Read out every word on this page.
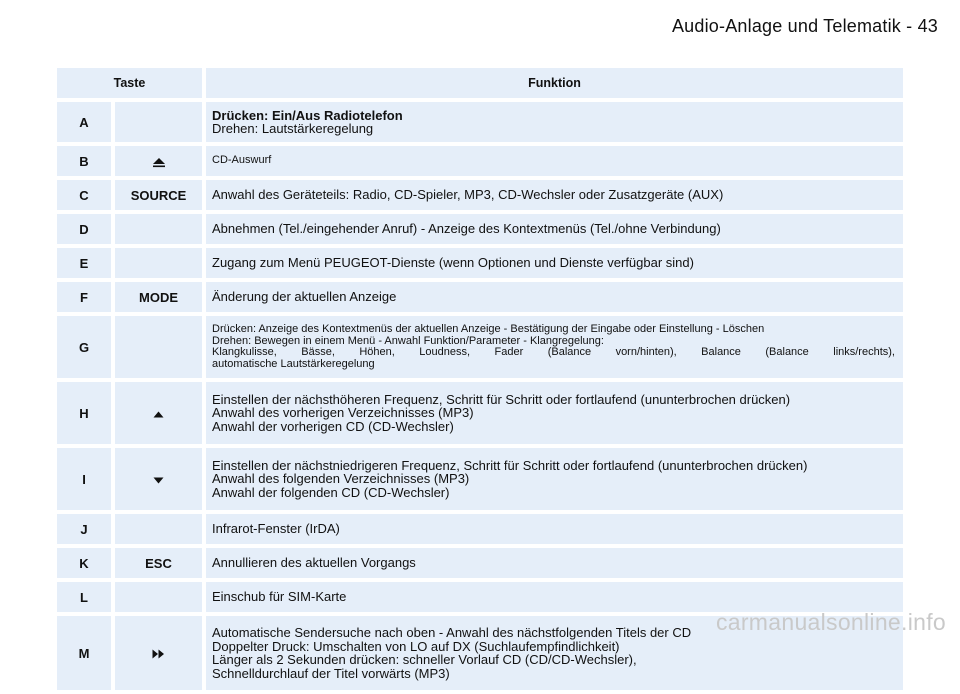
Audio-Anlage und Telematik - 43
Taste		Funktion
A		Drücken: Ein/Aus Radiotelefon
Drehen: Lautstärkeregelung

B		CD-Auswurf

C	SOURCE	Anwahl des Geräteteils: Radio, CD-Spieler, MP3, CD-Wechsler oder Zusatzgeräte (AUX)

D		Abnehmen (Tel./eingehender Anruf) - Anzeige des Kontextmenüs (Tel./ohne Verbindung)

E		Zugang zum Menü PEUGEOT-Dienste (wenn Optionen und Dienste verfügbar sind)

F	MODE	Änderung der aktuellen Anzeige

G		Drücken: Anzeige des Kontextmenüs der aktuellen Anzeige - Bestätigung der Eingabe oder Einstellung - Löschen
Drehen: Bewegen in einem Menü - Anwahl Funktion/Parameter - Klangregelung:
Klangkulisse, Bässe, Höhen, Loudness, Fader (Balance vorn/hinten), Balance (Balance links/rechts),
automatische Lautstärkeregelung

H		Einstellen der nächsthöheren Frequenz, Schritt für Schritt oder fortlaufend (ununterbrochen drücken)
Anwahl des vorherigen Verzeichnisses (MP3)
Anwahl der vorherigen CD (CD-Wechsler)

I		Einstellen der nächstniedrigeren Frequenz, Schritt für Schritt oder fortlaufend (ununterbrochen drücken)
Anwahl des folgenden Verzeichnisses (MP3)
Anwahl der folgenden CD (CD-Wechsler)

J		Infrarot-Fenster (IrDA)

K	ESC	Annullieren des aktuellen Vorgangs

L		Einschub für SIM-Karte

M		Automatische Sendersuche nach oben - Anwahl des nächstfolgenden Titels der CD
Doppelter Druck: Umschalten von LO auf DX (Suchlaufempfindlichkeit)
Länger als 2 Sekunden drücken: schneller Vorlauf CD (CD/CD-Wechsler),
Schnelldurchlauf der Titel vorwärts (MP3)
carmanualsonline.info
